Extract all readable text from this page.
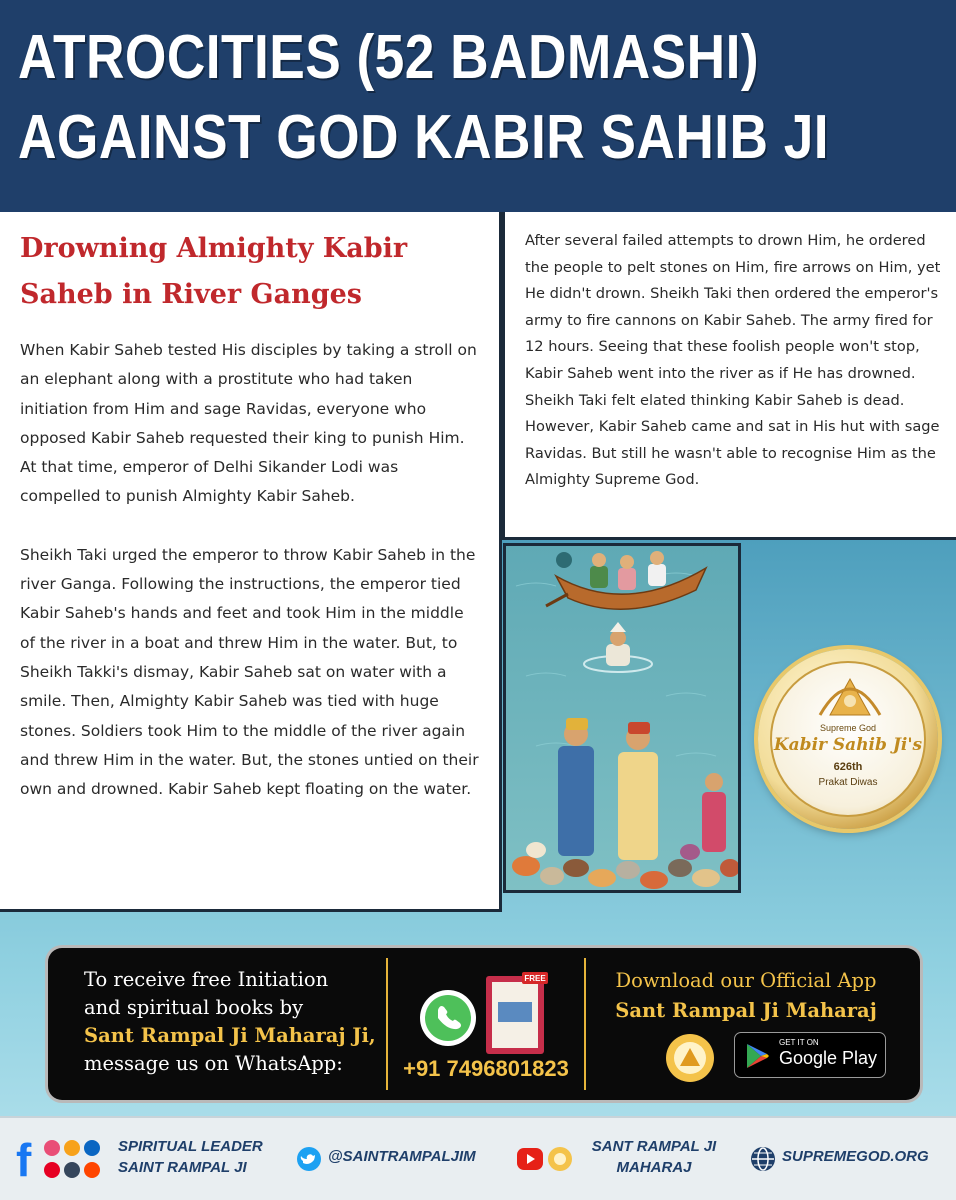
ATROCITIES (52 BADMASHI)
AGAINST GOD KABIR SAHIB JI
Drowning Almighty Kabir
Saheb in River Ganges

When Kabir Saheb tested His disciples by taking a stroll on an elephant along with a prostitute who had taken initiation from Him and sage Ravidas, everyone who opposed Kabir Saheb requested their king to punish Him. At that time, emperor of Delhi Sikander Lodi was compelled to punish Almighty Kabir Saheb.

Sheikh Taki urged the emperor to throw Kabir Saheb in the river Ganga. Following the instructions, the emperor tied Kabir Saheb's hands and feet and took Him in the middle of the river in a boat and threw Him in the water. But, to Sheikh Takki's dismay, Kabir Saheb sat on water with a smile. Then, Almighty Kabir Saheb was tied with huge stones. Soldiers took Him to the middle of the river again and threw Him in the water. But, the stones untied on their own and drowned. Kabir Saheb kept floating on the water.

After several failed attempts to drown Him, he ordered the people to pelt stones on Him, fire arrows on Him, yet He didn't drown. Sheikh Taki then ordered the emperor's army to fire cannons on Kabir Saheb. The army fired for 12 hours. Seeing that these foolish people won't stop, Kabir Saheb went into the river as if He has drowned. Sheikh Taki felt elated thinking Kabir Saheb is dead. However, Kabir Saheb came and sat in His hut with sage Ravidas. But still he wasn't able to recognise Him as the Almighty Supreme God.

Supreme God
Kabir Sahib Ji's
626th
Prakat Diwas
To receive free Initiation
and spiritual books by
Sant Rampal Ji Maharaj Ji,
message us on WhatsApp:
FREE
+91 7496801823
Download our Official App
Sant Rampal Ji Maharaj
GET IT ON
Google Play
f	SPIRITUAL LEADER
SAINT RAMPAL JI
@SAINTRAMPALJIM
SANT RAMPAL JI
MAHARAJ
SUPREMEGOD.ORG
